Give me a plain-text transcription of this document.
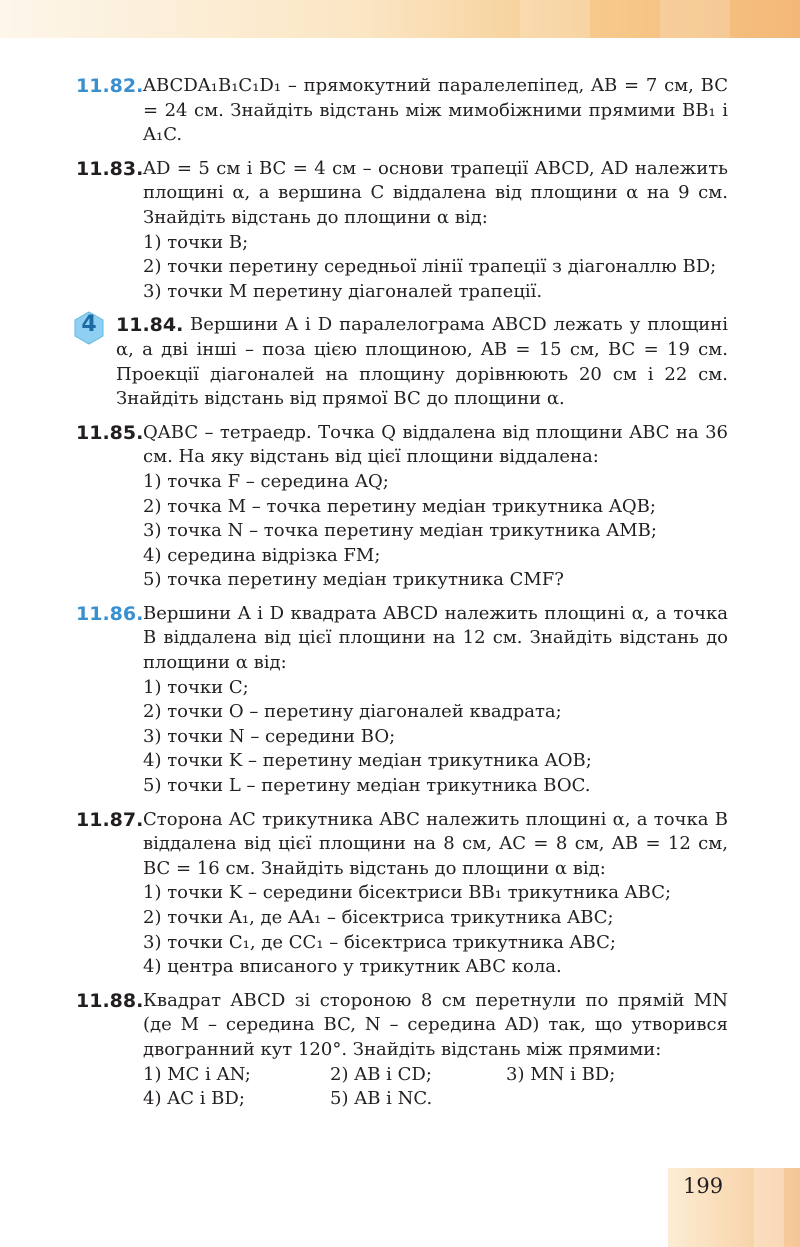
11.82. ABCDA₁B₁C₁D₁ – прямокутний паралелепіпед, AB = 7 см, BC = 24 см. Знайдіть відстань між мимобіжними прямими BB₁ і A₁C.
11.83. AD = 5 см і BC = 4 см – основи трапеції ABCD, AD належить площині α, а вершина C віддалена від площини α на 9 см. Знайдіть відстань до площини α від:
1) точки B;
2) точки перетину середньої лінії трапеції з діагоналлю BD;
3) точки M перетину діагоналей трапеції.
4	11.84. Вершини A і D паралелограма ABCD лежать у площині α, а дві інші – поза цією площиною, AB = 15 см, BC = 19 см. Проекції діагоналей на площину дорівнюють 20 см і 22 см. Знайдіть відстань від прямої BC до площини α.
11.85. QABC – тетраедр. Точка Q віддалена від площини ABC на 36 см. На яку відстань від цієї площини віддалена:
1) точка F – середина AQ;
2) точка M – точка перетину медіан трикутника AQB;
3) точка N – точка перетину медіан трикутника AMB;
4) середина відрізка FM;
5) точка перетину медіан трикутника CMF?
11.86. Вершини A і D квадрата ABCD належить площині α, а точка B віддалена від цієї площини на 12 см. Знайдіть відстань до площини α від:
1) точки C;
2) точки O – перетину діагоналей квадрата;
3) точки N – середини BO;
4) точки K – перетину медіан трикутника AOB;
5) точки L – перетину медіан трикутника BOC.
11.87. Сторона AC трикутника ABC належить площині α, а точка B віддалена від цієї площини на 8 см, AC = 8 см, AB = 12 см, BC = 16 см. Знайдіть відстань до площини α від:
1) точки K – середини бісектриси BB₁ трикутника ABC;
2) точки A₁, де AA₁ – бісектриса трикутника ABC;
3) точки C₁, де CC₁ – бісектриса трикутника ABC;
4) центра вписаного у трикутник ABC кола.
11.88. Квадрат ABCD зі стороною 8 см перетнули по прямій MN (де M – середина BC, N – середина AD) так, що утворився двогранний кут 120°. Знайдіть відстань між прямими:
1) MC і AN;	2) AB і CD;	3) MN і BD;
4) AC і BD;	5) AB і NC.
199
